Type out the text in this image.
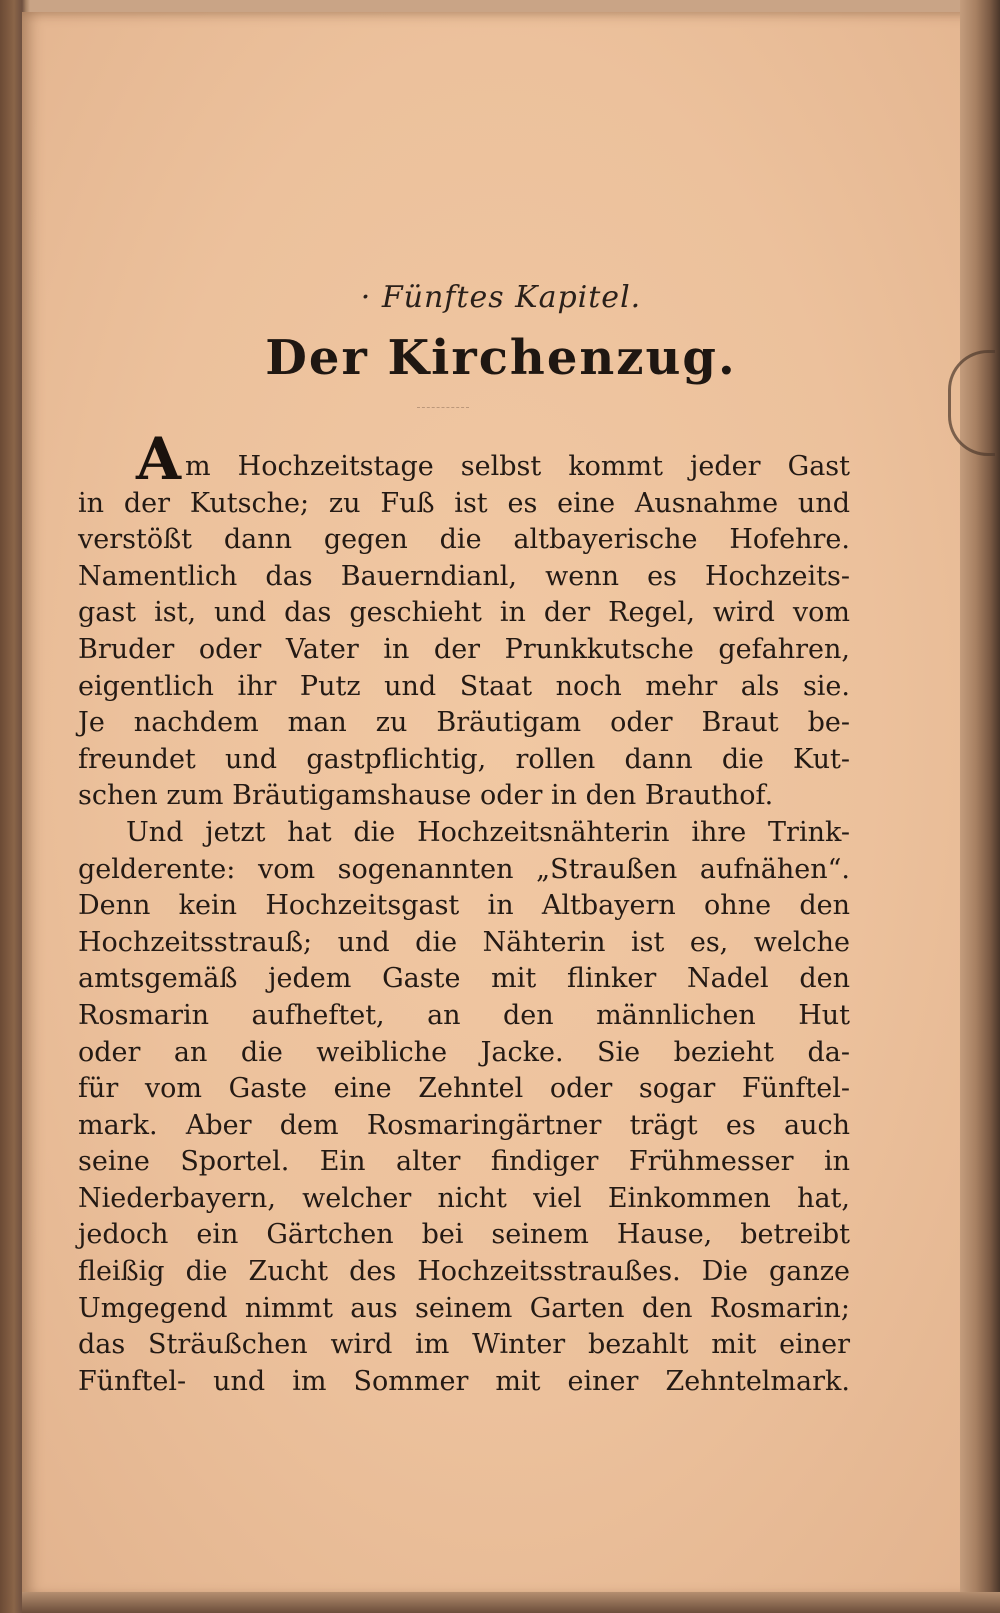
· Fünftes Kapitel.
Der Kirchenzug.
Am Hochzeitstage selbst kommt jeder Gast
in der Kutsche; zu Fuß ist es eine Ausnahme und
verstößt dann gegen die altbayerische Hofehre.
Namentlich das Bauerndianl, wenn es Hochzeits-
gast ist, und das geschieht in der Regel, wird vom
Bruder oder Vater in der Prunkkutsche gefahren,
eigentlich ihr Putz und Staat noch mehr als sie.
Je nachdem man zu Bräutigam oder Braut be-
freundet und gastpflichtig, rollen dann die Kut-
schen zum Bräutigamshause oder in den Brauthof.
Und jetzt hat die Hochzeitsnähterin ihre Trink-
gelderente: vom sogenannten „Straußen aufnähen“.
Denn kein Hochzeitsgast in Altbayern ohne den
Hochzeitsstrauß; und die Nähterin ist es, welche
amtsgemäß jedem Gaste mit flinker Nadel den
Rosmarin aufheftet, an den männlichen Hut
oder an die weibliche Jacke. Sie bezieht da-
für vom Gaste eine Zehntel oder sogar Fünftel-
mark. Aber dem Rosmaringärtner trägt es auch
seine Sportel. Ein alter findiger Frühmesser in
Niederbayern, welcher nicht viel Einkommen hat,
jedoch ein Gärtchen bei seinem Hause, betreibt
fleißig die Zucht des Hochzeitsstraußes. Die ganze
Umgegend nimmt aus seinem Garten den Rosmarin;
das Sträußchen wird im Winter bezahlt mit einer
Fünftel- und im Sommer mit einer Zehntelmark.
